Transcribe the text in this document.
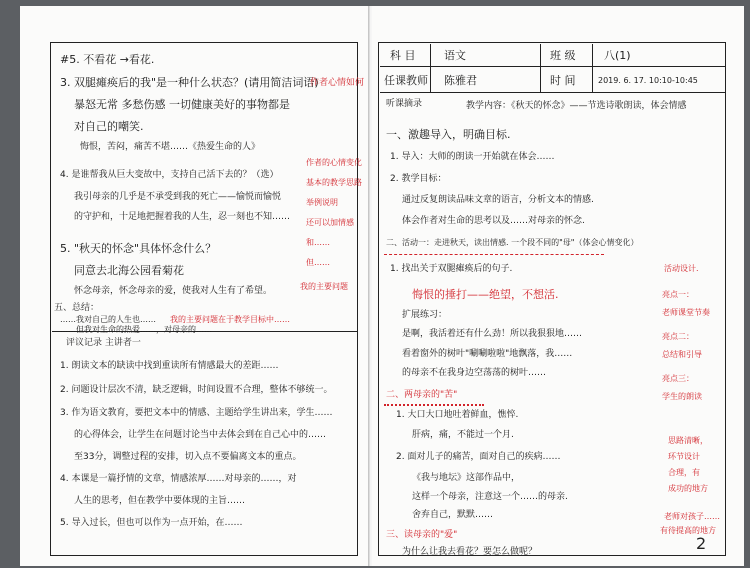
#5. 不看花 →看花.
3. 双腿瘫痪后的我"是一种什么状态？(请用简洁词语)
暴怒无常 多愁伤感 一切健康美好的事物都是
对自己的嘲笑.
悔恨，苦闷，痛苦不堪……《热爱生命的人》
4. 是谁帮我从巨大变故中，支持自己活下去的？（选）
我引母亲的几乎是不承受到我的死亡——愉悦而愉悦
的守护和，十足地把握着我的人生，忍一刻也不知……
5. "秋天的怀念"具体怀念什么？
同意去北海公园看菊花
怀念母亲，怀念母亲的爱，使我对人生有了希望。
五、总结：
……我对自己的人生也……
……但我对生命的热爱……，对母亲的……
评议记录 主讲者一
1. 朗读文本的缺读中找到重读所有情感最大的差距……
2. 问题设计层次不清，缺乏逻辑，时间设置不合理，整体不够统一。
3. 作为语文教育，要把文本中的情感、主题给学生讲出来，学生……
的心得体会，让学生在问题讨论当中去体会到在自己心中的……
至33分，调整过程的安排，切入点不要偏离文本的重点。
4. 本课是一篇抒情的文章，情感浓厚……对母亲的……，对
人生的思考，但在教学中要体现的主旨……
5. 导入过长，但也可以作为一点开始，在……
作者心情如何
作者的心情变化
基本的教学思路
举例说明
还可以加情感
和……
但……
我的主要问题
我的主要问题在于教学目标中……
科 目	语文	班 级	八(1)
任课教师 陈雅君	时 间	2019. 6. 17. 10:10-10:45
听课摘录	教学内容：《秋天的怀念》——节选诗歌朗读，体会情感
一、激趣导入，明确目标.
1. 导入：大师的朗读一开始就在体会……
2. 教学目标：
通过反复朗读品味文章的语言，分析文本的情感.
体会作者对生命的思考以及……对母亲的怀念.
二、活动一：走进秋天，读出情感. 一个段不同的"母"（体会心情变化）
1. 找出关于双腿瘫痪后的句子.
悔恨的捶打——绝望，不想活.
扩展练习：
是啊，我活着还有什么劲！所以我狠狠地……
看着窗外的树叶"唰唰啦啦"地飘落，我……
的母亲不在我身边空荡荡的树叶……
二、两母亲的"苦"
1. 大口大口地吐着鲜血，憔悴.
肝病，痛，不能过一个月.
2. 面对儿子的痛苦，面对自己的疾病……
《我与地坛》这部作品中，
这样一个母亲，注意这一个……的母亲.
舍弃自己，默默……
三、读母亲的"爱"
为什么让我去看花？要怎么做呢？
活动设计.
亮点一：
老师课堂节奏
亮点二：
总结和引导
亮点三：
学生的朗读
思路清晰，
环节设计
合理，有
成功的地方
老师对孩子……
有待提高的地方
2
